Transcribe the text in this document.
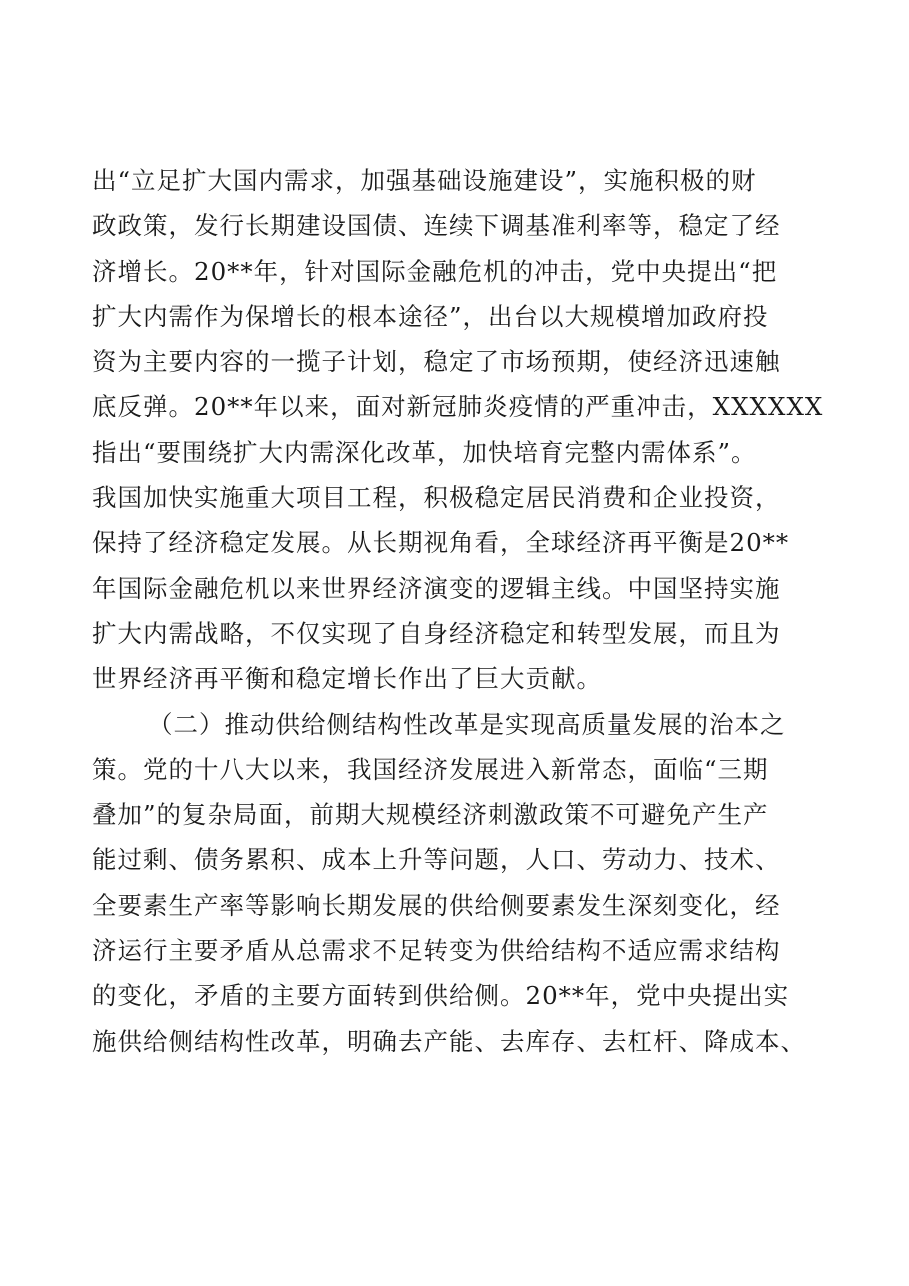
出“立足扩大国内需求，加强基础设施建设”，实施积极的财
政政策，发行长期建设国债、连续下调基准利率等，稳定了经
济增长。20**年，针对国际金融危机的冲击，党中央提出“把
扩大内需作为保增长的根本途径”，出台以大规模增加政府投
资为主要内容的一揽子计划，稳定了市场预期，使经济迅速触
底反弹。20**年以来，面对新冠肺炎疫情的严重冲击，XXXXXX
指出“要围绕扩大内需深化改革，加快培育完整内需体系”。
我国加快实施重大项目工程，积极稳定居民消费和企业投资，
保持了经济稳定发展。从长期视角看，全球经济再平衡是20**
年国际金融危机以来世界经济演变的逻辑主线。中国坚持实施
扩大内需战略，不仅实现了自身经济稳定和转型发展，而且为
世界经济再平衡和稳定增长作出了巨大贡献。
（二）推动供给侧结构性改革是实现高质量发展的治本之
策。党的十八大以来，我国经济发展进入新常态，面临“三期
叠加”的复杂局面，前期大规模经济刺激政策不可避免产生产
能过剩、债务累积、成本上升等问题，人口、劳动力、技术、
全要素生产率等影响长期发展的供给侧要素发生深刻变化，经
济运行主要矛盾从总需求不足转变为供给结构不适应需求结构
的变化，矛盾的主要方面转到供给侧。20**年，党中央提出实
施供给侧结构性改革，明确去产能、去库存、去杠杆、降成本、
